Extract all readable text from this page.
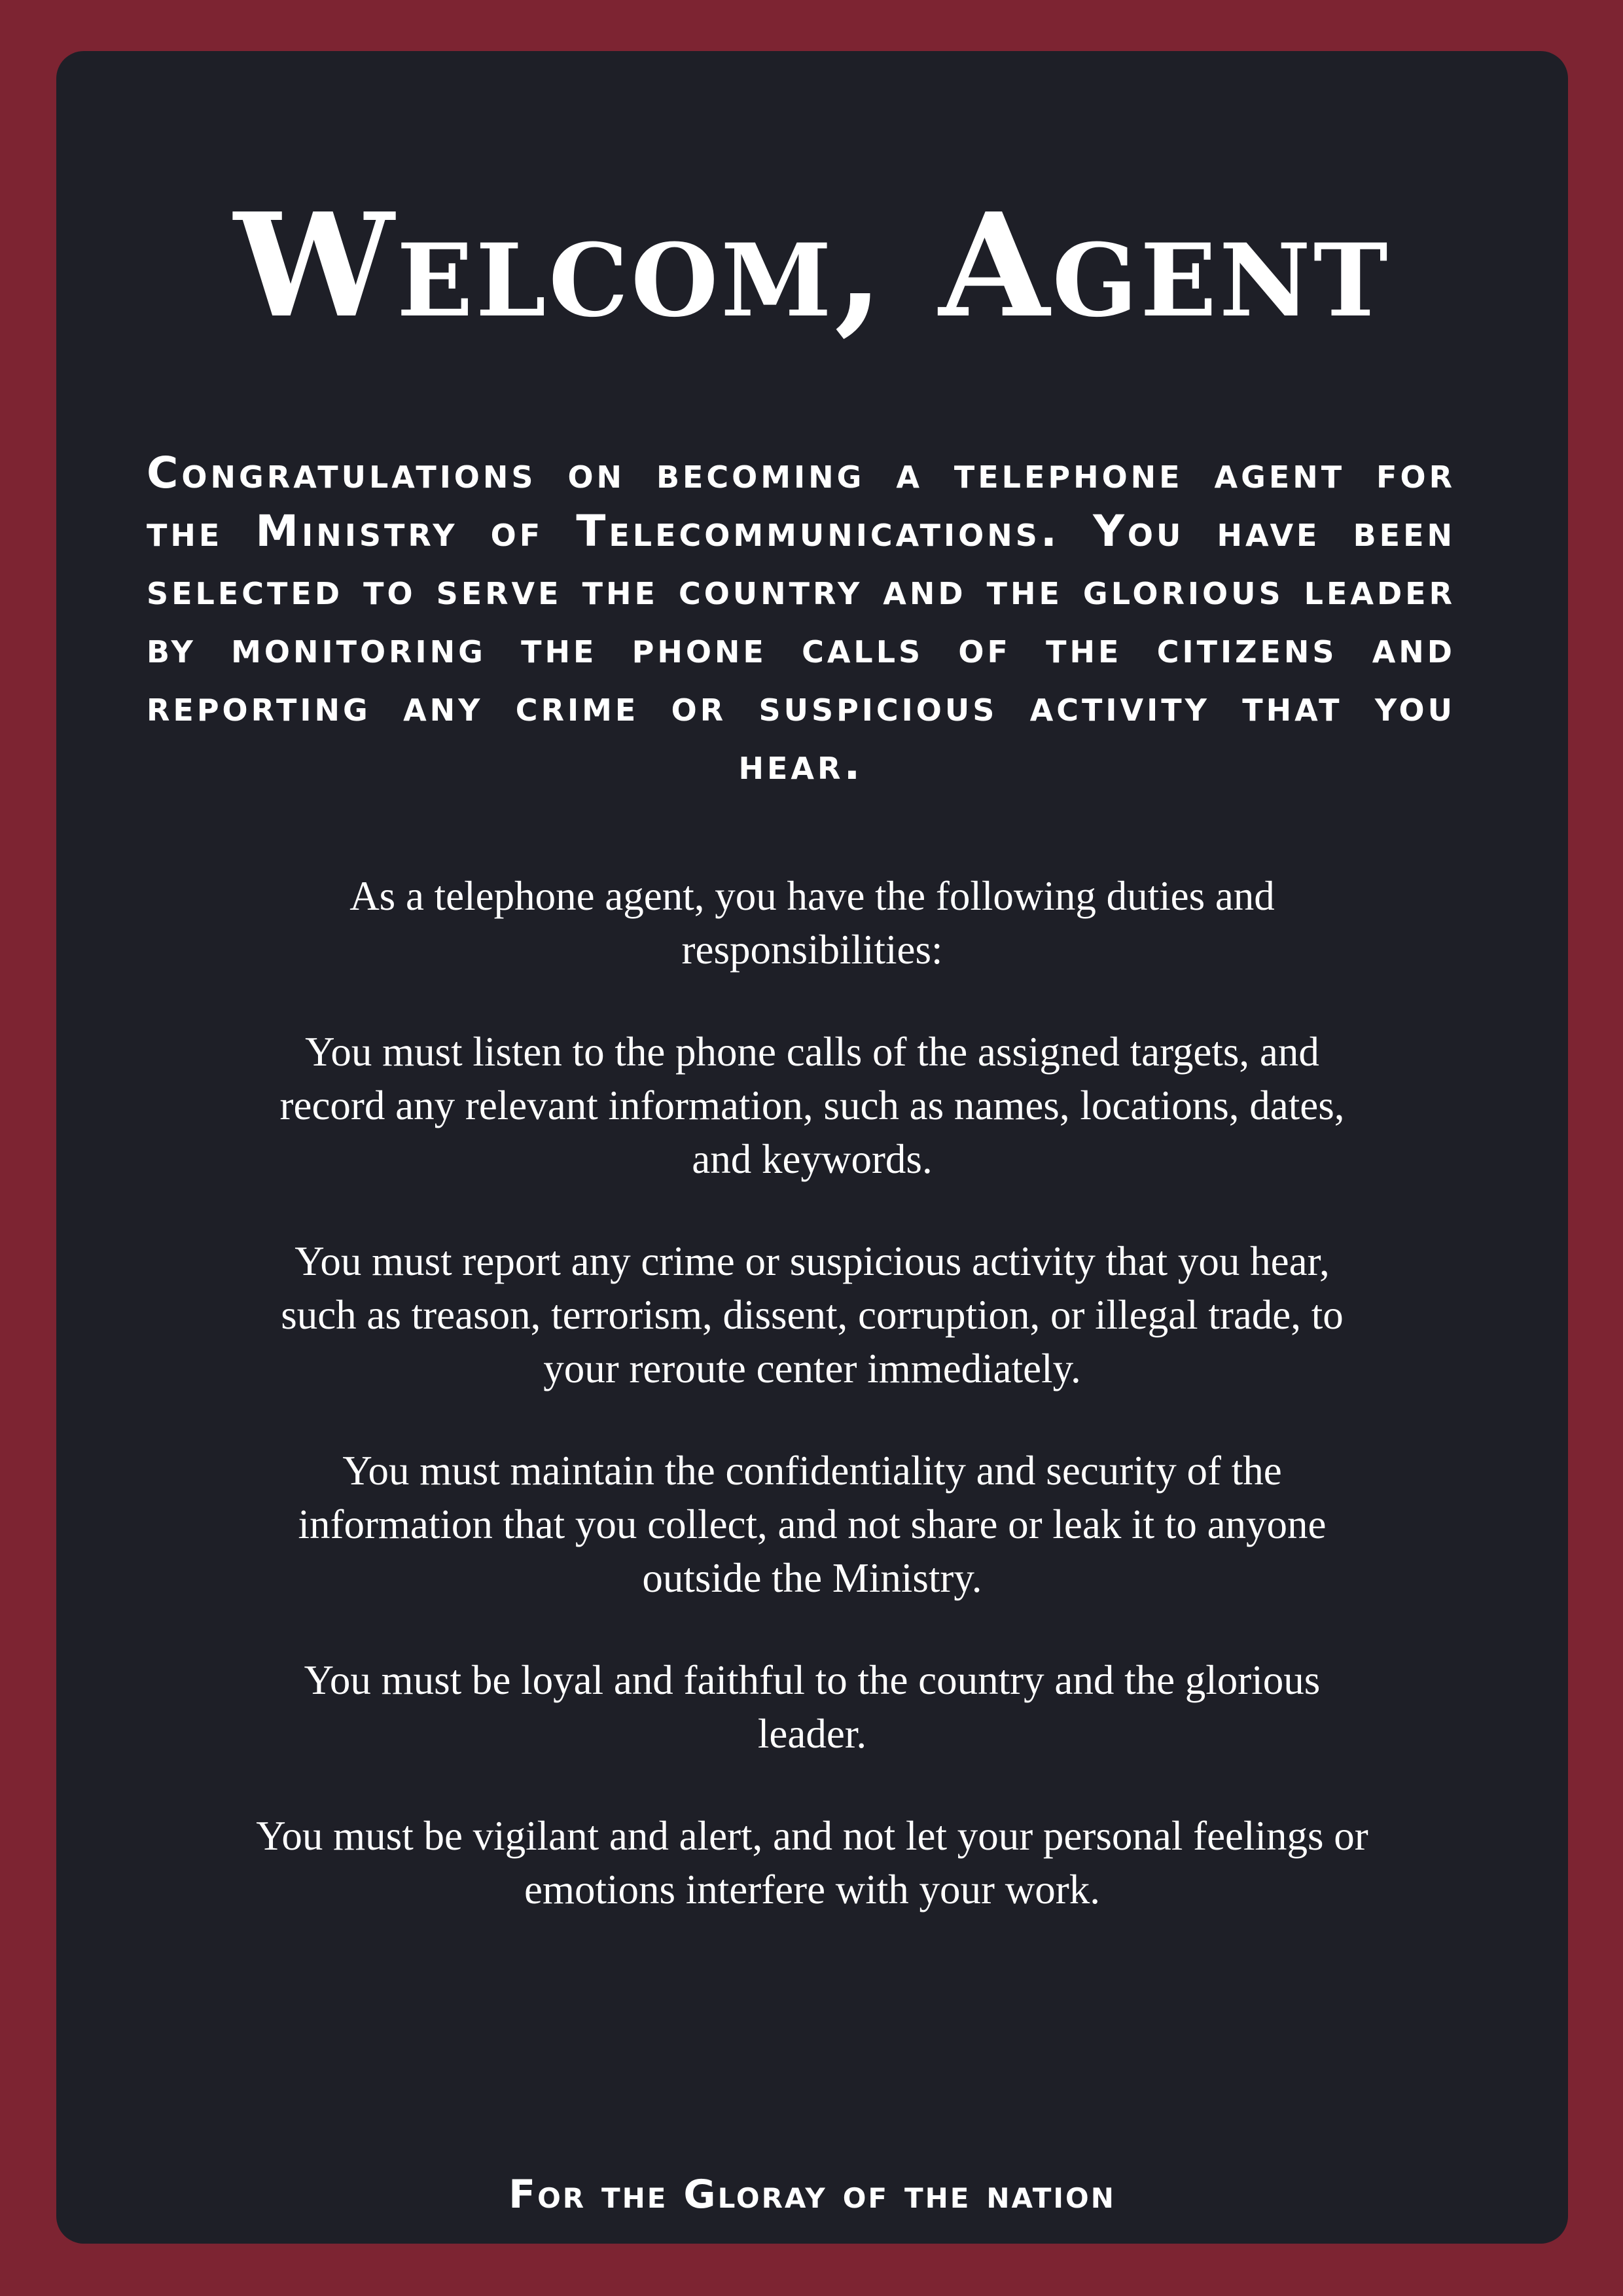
Welcom, Agent

Congratulations on becoming a telephone agent for the Ministry of Telecommunications. You have been selected to serve the country and the glorious leader by monitoring the phone calls of the citizens and reporting any crime or suspicious activity that you hear.

As a telephone agent, you have the following duties and responsibilities:

You must listen to the phone calls of the assigned targets, and record any relevant information, such as names, locations, dates, and keywords.

You must report any crime or suspicious activity that you hear, such as treason, terrorism, dissent, corruption, or illegal trade, to your reroute center immediately.

You must maintain the confidentiality and security of the information that you collect, and not share or leak it to anyone outside the Ministry.

You must be loyal and faithful to the country and the glorious leader.

You must be vigilant and alert, and not let your personal feelings or emotions interfere with your work.

For the Gloray of the nation
